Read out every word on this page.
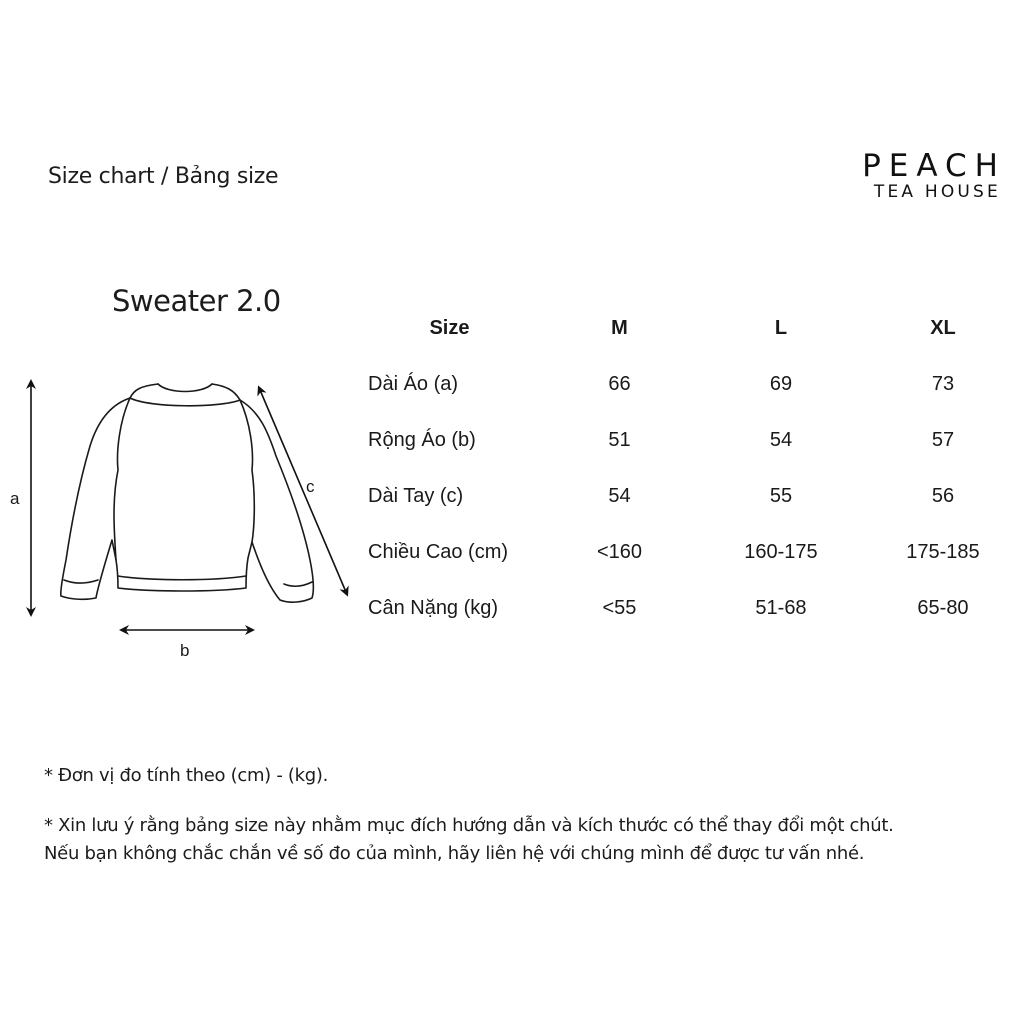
Size chart / Bảng size	PEACH
TEA HOUSE
Sweater 2.0
a
b
c
Size	M	L	XL
Dài Áo (a)	66	69	73
Rộng Áo (b)	51	54	57
Dài Tay (c)	54	55	56
Chiều Cao (cm)	<160	160-175	175-185
Cân Nặng (kg)	<55	51-68	65-80
* Đơn vị đo tính theo (cm) - (kg).
* Xin lưu ý rằng bảng size này nhằm mục đích hướng dẫn và kích thước có thể thay đổi một chút.
Nếu bạn không chắc chắn về số đo của mình, hãy liên hệ với chúng mình để được tư vấn nhé.
